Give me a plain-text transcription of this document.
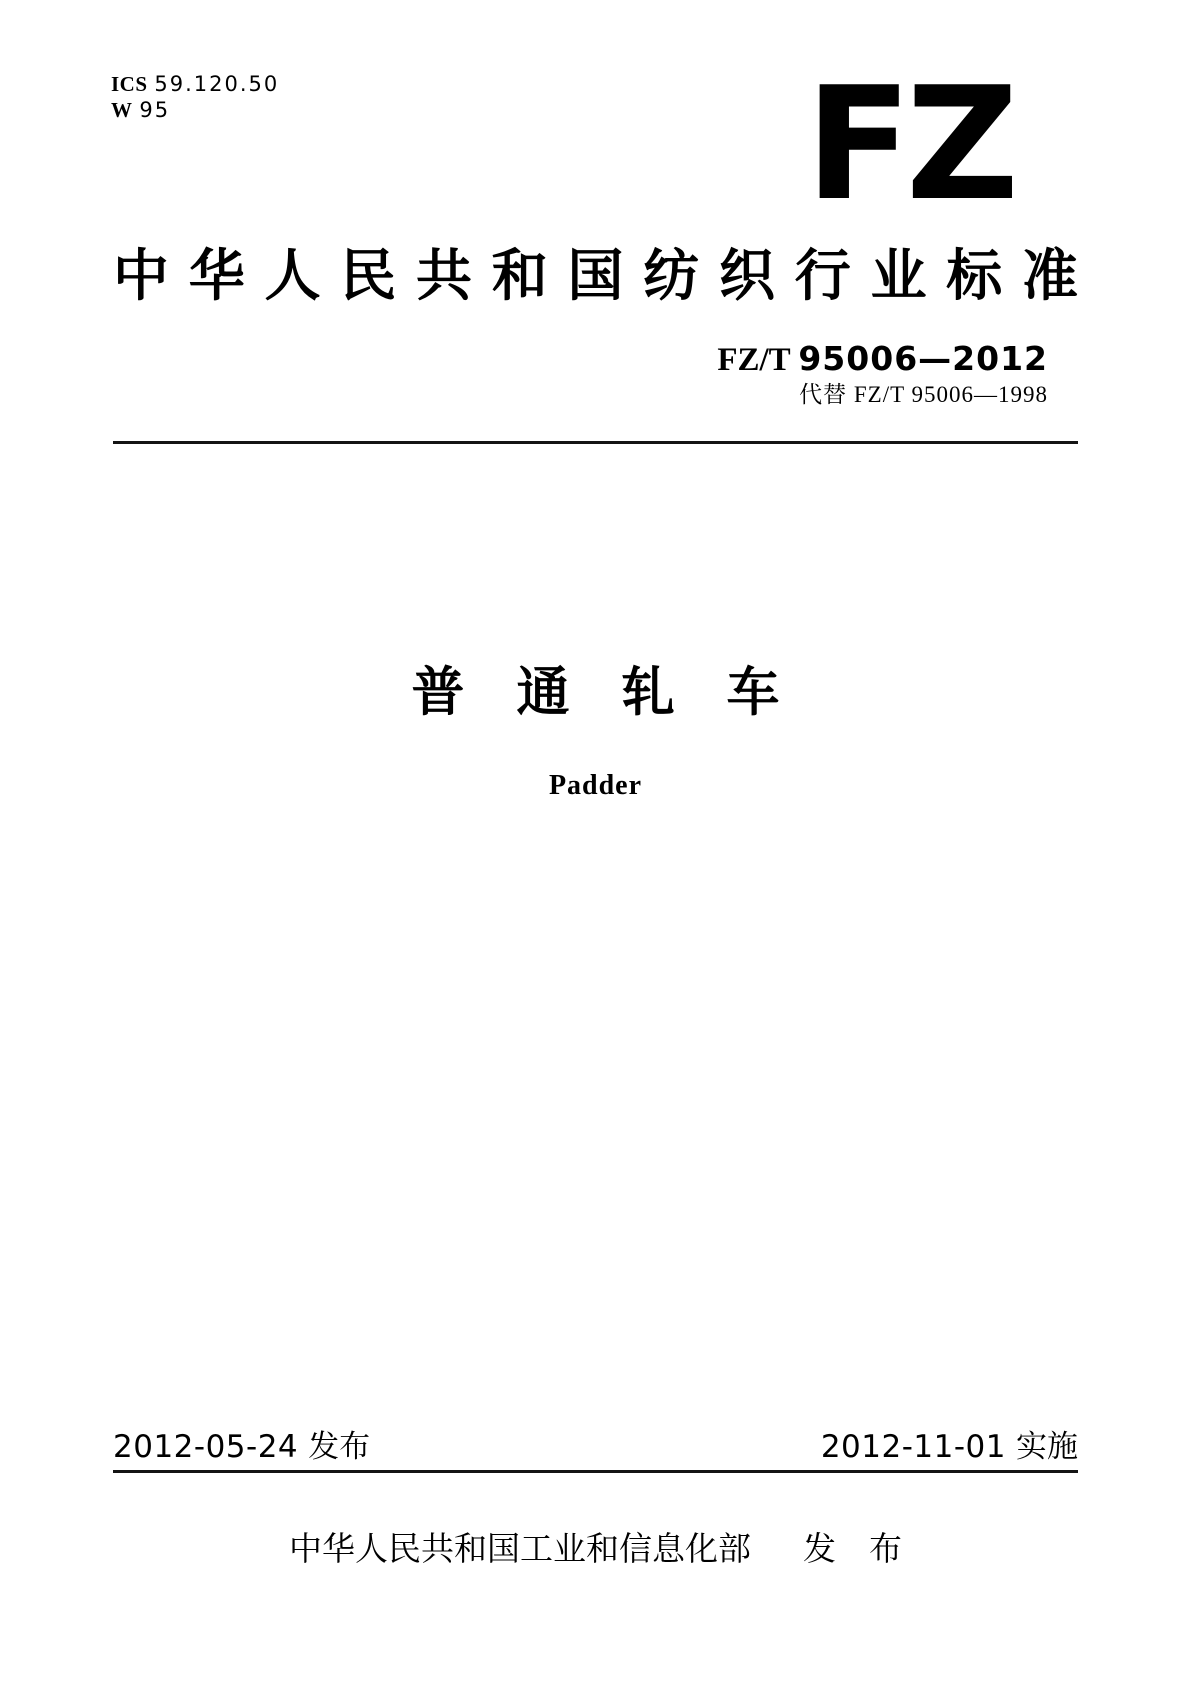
ICS 59.120.50
W 95	FZ
中 华 人 民 共 和 国 纺 织 行 业 标 准
FZ/T 95006—2012
代替 FZ/T 95006—1998
普 通 轧 车
Padder
2012-05-24 发布	2012-11-01 实施
中华人民共和国工业和信息化部 发　布
